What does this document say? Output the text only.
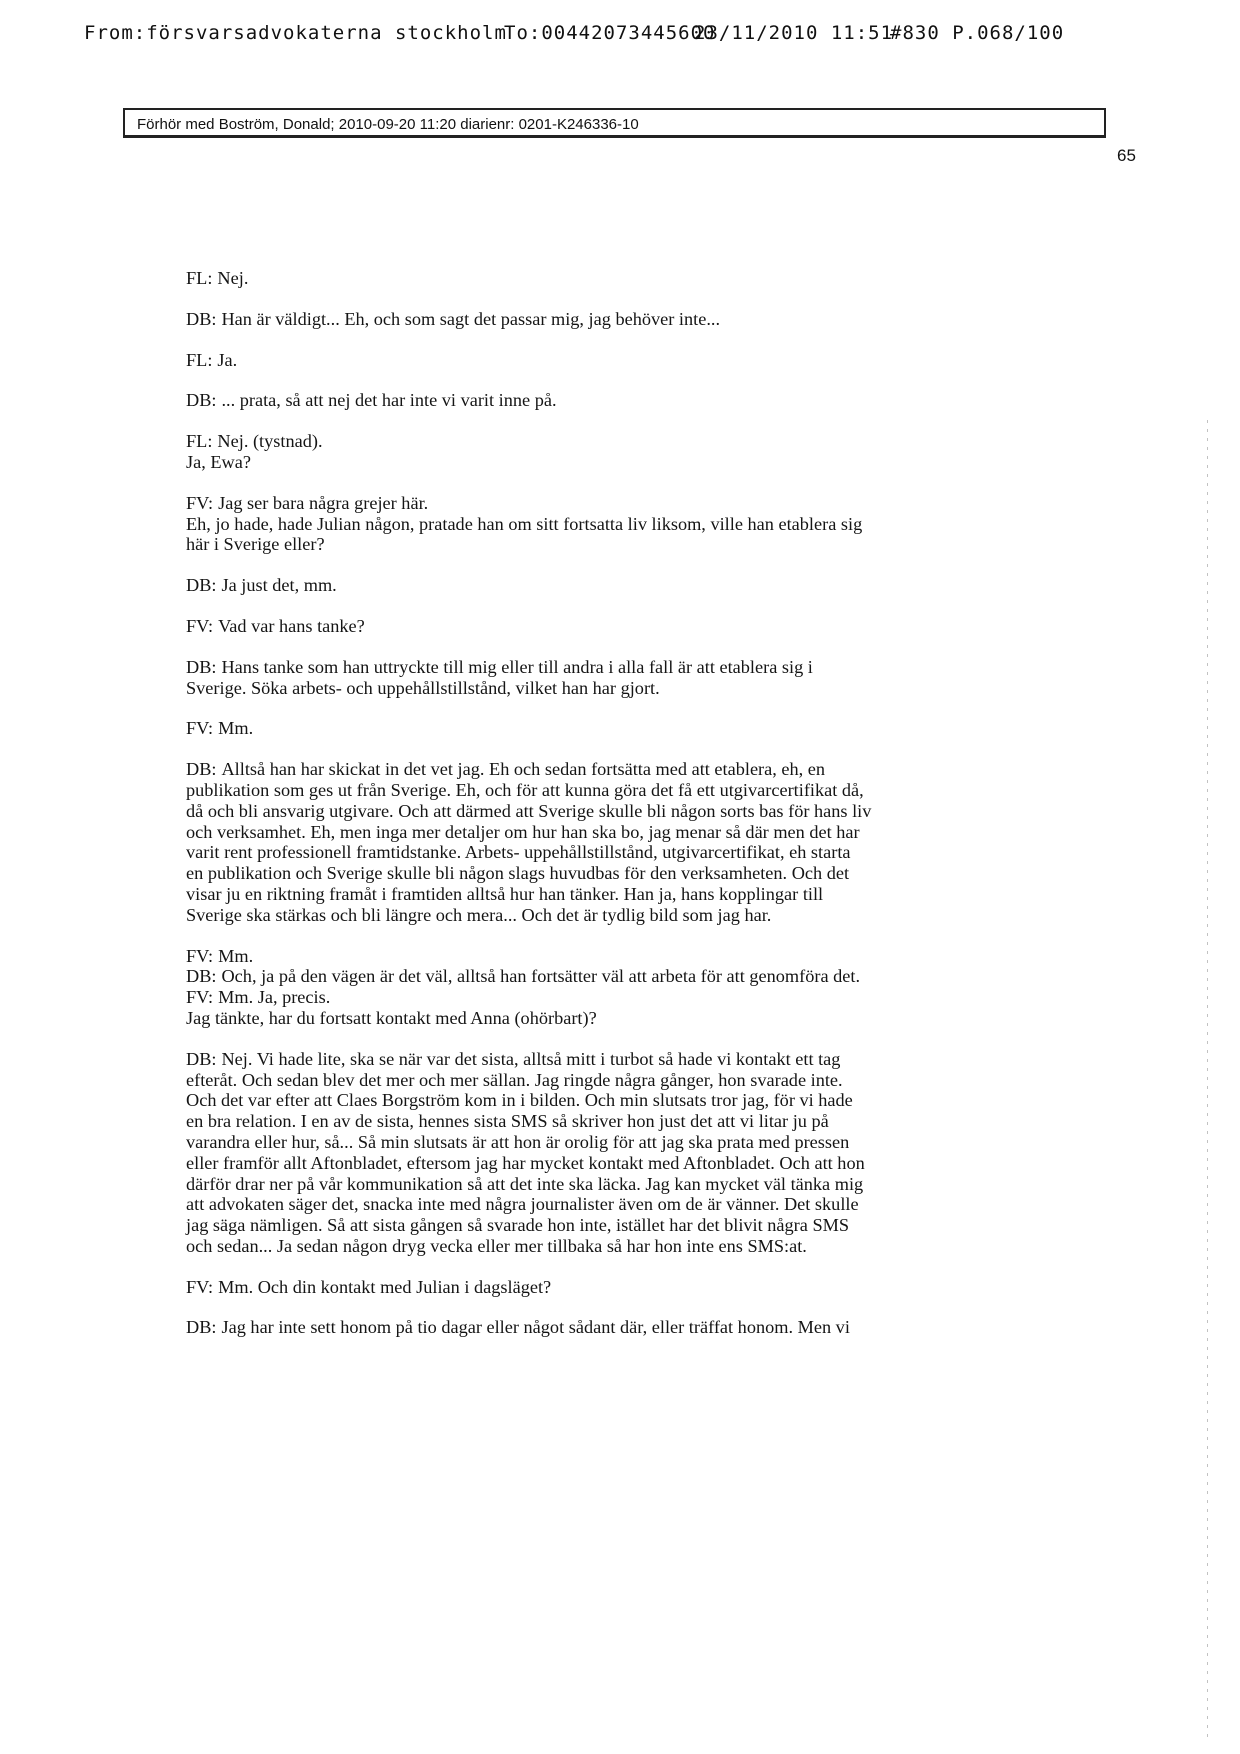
From:försvarsadvokaterna stockholm

To:00442073445600

23/11/2010 11:51

#830 P.068/100

Förhör med Boström, Donald; 2010-09-20 11:20 diarienr: 0201-K246336-10
65
FL: Nej.
DB: Han är väldigt... Eh, och som sagt det passar mig, jag behöver inte...
FL: Ja.
DB: ... prata, så att nej det har inte vi varit inne på.
FL: Nej. (tystnad).
Ja, Ewa?
FV: Jag ser bara några grejer här.
Eh, jo hade, hade Julian någon, pratade han om sitt fortsatta liv liksom, ville han etablera sig
här i Sverige eller?
DB: Ja just det, mm.
FV: Vad var hans tanke?
DB: Hans tanke som han uttryckte till mig eller till andra i alla fall är att etablera sig i
Sverige. Söka arbets- och uppehållstillstånd, vilket han har gjort.
FV: Mm.
DB: Alltså han har skickat in det vet jag. Eh och sedan fortsätta med att etablera, eh, en
publikation som ges ut från Sverige. Eh, och för att kunna göra det få ett utgivarcertifikat då,
då och bli ansvarig utgivare. Och att därmed att Sverige skulle bli någon sorts bas för hans liv
och verksamhet. Eh, men inga mer detaljer om hur han ska bo, jag menar så där men det har
varit rent professionell framtidstanke. Arbets- uppehållstillstånd, utgivarcertifikat, eh starta
en publikation och Sverige skulle bli någon slags huvudbas för den verksamheten. Och det
visar ju en riktning framåt i framtiden alltså hur han tänker. Han ja, hans kopplingar till
Sverige ska stärkas och bli längre och mera... Och det är tydlig bild som jag har.
FV: Mm.
DB: Och, ja på den vägen är det väl, alltså han fortsätter väl att arbeta för att genomföra det.
FV: Mm. Ja, precis.
Jag tänkte, har du fortsatt kontakt med Anna (ohörbart)?
DB: Nej. Vi hade lite, ska se när var det sista, alltså mitt i turbot så hade vi kontakt ett tag
efteråt. Och sedan blev det mer och mer sällan. Jag ringde några gånger, hon svarade inte.
Och det var efter att Claes Borgström kom in i bilden. Och min slutsats tror jag, för vi hade
en bra relation. I en av de sista, hennes sista SMS så skriver hon just det att vi litar ju på
varandra eller hur, så... Så min slutsats är att hon är orolig för att jag ska prata med pressen
eller framför allt Aftonbladet, eftersom jag har mycket kontakt med Aftonbladet. Och att hon
därför drar ner på vår kommunikation så att det inte ska läcka. Jag kan mycket väl tänka mig
att advokaten säger det, snacka inte med några journalister även om de är vänner. Det skulle
jag säga nämligen. Så att sista gången så svarade hon inte, istället har det blivit några SMS
och sedan... Ja sedan någon dryg vecka eller mer tillbaka så har hon inte ens SMS:at.
FV: Mm. Och din kontakt med Julian i dagsläget?
DB: Jag har inte sett honom på tio dagar eller något sådant där, eller träffat honom. Men vi
